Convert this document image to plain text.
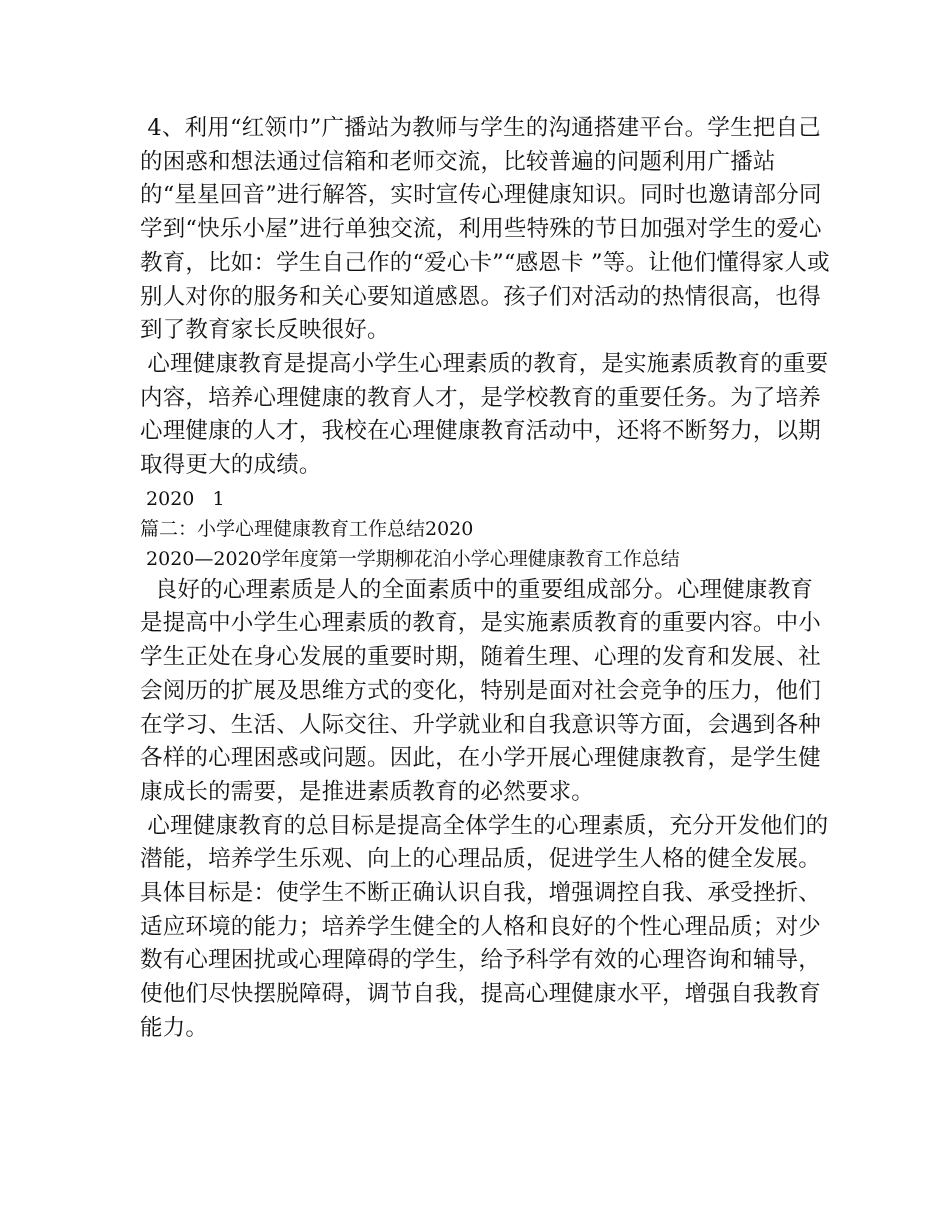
4、利用“红领巾”广播站为教师与学生的沟通搭建平台。学生把自己的困惑和想法通过信箱和老师交流，比较普遍的问题利用广播站的“星星回音”进行解答，实时宣传心理健康知识。同时也邀请部分同学到“快乐小屋”进行单独交流，利用些特殊的节日加强对学生的爱心教育，比如：学生自己作的“爱心卡”“感恩卡 ”等。让他们懂得家人或别人对你的服务和关心要知道感恩。孩子们对活动的热情很高，也得到了教育家长反映很好。

心理健康教育是提高小学生心理素质的教育，是实施素质教育的重要内容，培养心理健康的教育人才，是学校教育的重要任务。为了培养心理健康的人才，我校在心理健康教育活动中，还将不断努力，以期取得更大的成绩。

2020   1

篇二：小学心理健康教育工作总结2020

2020—2020学年度第一学期柳花泊小学心理健康教育工作总结

良好的心理素质是人的全面素质中的重要组成部分。心理健康教育是提高中小学生心理素质的教育，是实施素质教育的重要内容。中小学生正处在身心发展的重要时期，随着生理、心理的发育和发展、社会阅历的扩展及思维方式的变化，特别是面对社会竞争的压力，他们在学习、生活、人际交往、升学就业和自我意识等方面，会遇到各种各样的心理困惑或问题。因此，在小学开展心理健康教育，是学生健康成长的需要，是推进素质教育的必然要求。

心理健康教育的总目标是提高全体学生的心理素质，充分开发他们的潜能，培养学生乐观、向上的心理品质，促进学生人格的健全发展。具体目标是：使学生不断正确认识自我，增强调控自我、承受挫折、适应环境的能力；培养学生健全的人格和良好的个性心理品质；对少数有心理困扰或心理障碍的学生，给予科学有效的心理咨询和辅导，使他们尽快摆脱障碍，调节自我，提高心理健康水平，增强自我教育能力。
